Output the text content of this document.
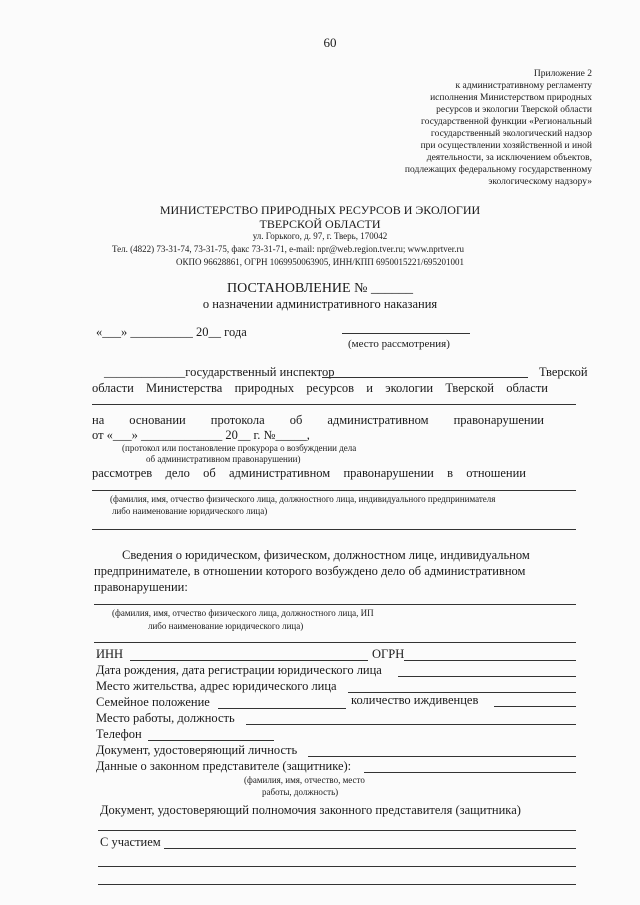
60
Приложение 2
к административному регламенту
исполнения Министерством природных
ресурсов и экологии Тверской области
государственной функции «Региональный
государственный экологический надзор
при осуществлении хозяйственной и иной
деятельности, за исключением объектов,
подлежащих федеральному государственному
экологическому надзору»
МИНИСТЕРСТВО ПРИРОДНЫХ РЕСУРСОВ И ЭКОЛОГИИ
ТВЕРСКОЙ ОБЛАСТИ
ул. Горького, д. 97, г. Тверь, 170042
Тел. (4822) 73-31-74, 73-31-75, факс 73-31-71, e-mail: npr@web.region.tver.ru; www.nprtver.ru
ОКПО 96628861, ОГРН 1069950063905, ИНН/КПП 6950015221/695201001
ПОСТАНОВЛЕНИЕ № ______
о назначении административного наказания
«___» __________ 20__ года
(место рассмотрения)
_____________государственный инспектор	Тверской
области Министерства природных ресурсов и экологии Тверской области
на основании протокола об административном правонарушении
от «___» _____________ 20__ г. №_____,
(протокол или постановление прокурора о возбуждении дела
об административном правонарушении)
рассмотрев дело об административном правонарушении в отношении
(фамилия, имя, отчество физического лица, должностного лица, индивидуального предпринимателя
либо наименование юридического лица)
Сведения о юридическом, физическом, должностном лице, индивидуальном
предпринимателе, в отношении которого возбуждено дело об административном
правонарушении:
(фамилия, имя, отчество физического лица, должностного лица, ИП
либо наименование юридического лица)
ИНН	ОГРН
Дата рождения, дата регистрации юридического лица
Место жительства, адрес юридического лица
Семейное положение	количество иждивенцев
Место работы, должность
Телефон
Документ, удостоверяющий личность
Данные о законном представителе (защитнике):
(фамилия, имя, отчество, место
работы, должность)
Документ, удостоверяющий полномочия законного представителя (защитника)
С участием
